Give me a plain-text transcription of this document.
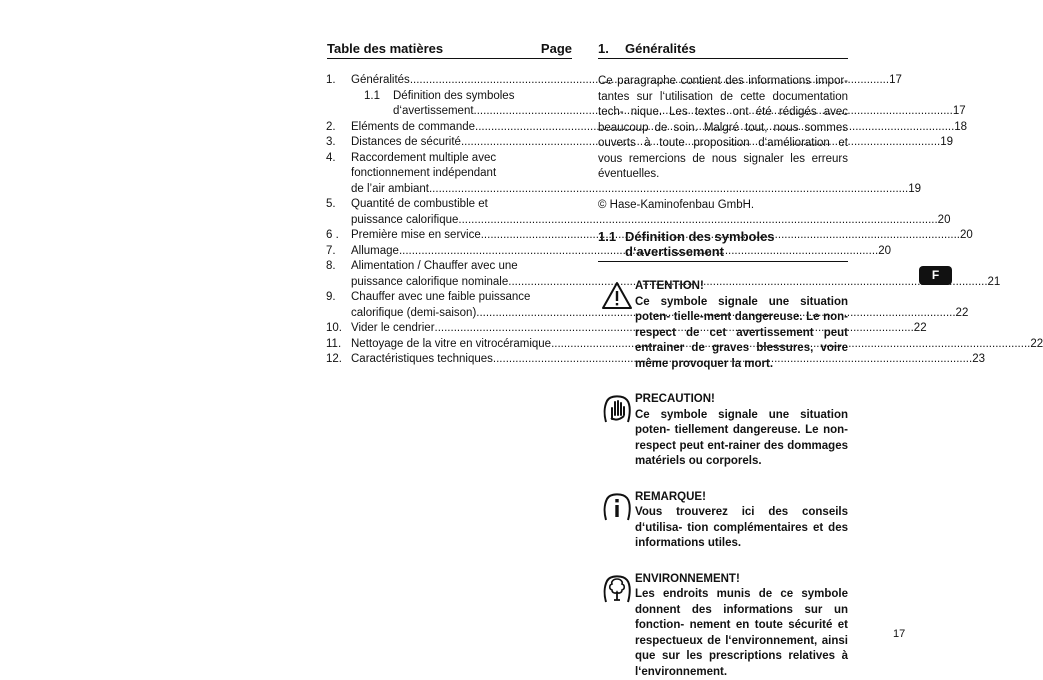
Table des matières	Page
1.	Généralités .....	17
1.1	Définition des symboles
d‘avertissement .....	17
2.	Eléments de commande .....	18
3.	Distances de sécurité .....	19
4.	Raccordement multiple avec
fonctionnement indépendant
de l’air ambiant .....	19
5.	Quantité de combustible et
puissance calorifique .....	20
6 .	Première mise en service .....	20
7.	Allumage .....	20
8.	Alimentation / Chauffer avec une
puissance calorifique nominale .....	21
9.	Chauffer avec une faible puissance
calorifique (demi-saison) .....	22
10. Vider le cendrier .....	22
11. Nettoyage de la vitre en vitrocéramique .....	22
12. Caractéristiques techniques .....	23
1.	Généralités
Ce paragraphe contient des informations impor- tantes sur l‘utilisation de cette documentation tech- nique. Les textes ont été rédigés avec beaucoup de soin. Malgré tout, nous sommes ouverts à toute proposition d‘amélioration et vous remercions de nous signaler les erreurs éventuelles.
© Hase-Kaminofenbau GmbH.
1.1 Définition des symboles
d‘avertissement
ATTENTION!
Ce symbole signale une situation poten- tielle-ment dangereuse. Le non-respect de cet avertissement peut entrainer de graves blessures, voire même provoquer la mort.
PRECAUTION!
Ce symbole signale une situation poten- tiellement dangereuse. Le non-respect peut ent-rainer des dommages matériels ou corporels.
REMARQUE!
Vous trouverez ici des conseils d‘utilisa- tion complémentaires et des informations utiles.
ENVIRONNEMENT!
Les endroits munis de ce symbole donnent des informations sur un fonction- nement en toute sécurité et respectueux de l‘environnement, ainsi que sur les prescriptions relatives à l‘environnement.
F
17
